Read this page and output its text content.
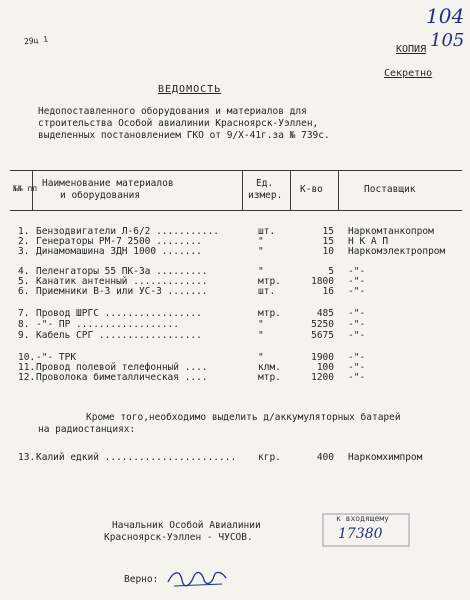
29ц 1
104
105
КОПИЯ
Секретно
ВЕДОМОСТЬ
Недопоставленного оборудования и материалов для
строительства Особой авиалинии Красноярск-Уэллен,
выделенных постановлением ГКО от 9/X-41г.за № 739с.
№№ пп Наименование материалов
и оборудования
Ед.
измер.
К-во	Поставщик
1. Бензодвигатели Л-6/2 ...........	шт.	15 Наркомтанкопром
2. Генераторы РМ-7 2500 ........	"	15 Н К А П
3. Динамомашина ЗДН 1000 .......	"	10 Наркомэлектропром
4. Пеленгаторы 55 ПК-3а .........	"	5 -"-
5. Канатик антенный .............	мтр.	1800 -"-
6. Приемники В-3 или УС-3 .......	шт.	16 -"-
7. Провод ШРГС .................	мтр.	485 -"-
8. -"- ПР ..................	"	5250 -"-
9. Кабель СРГ ..................	"	5675 -"-
10. -"- ТРК	"	1900 -"-
11. Провод полевой телефонный ....	клм.	100 -"-
12. Проволока биметаллическая ....	мтр.	1200 -"-
Кроме того,необходимо выделить д/аккумуляторных батарей
на радиостанциях:
13. Калий едкий ....................... кгр.	400 Наркомхимпром
Начальник Особой Авиалинии
Красноярск-Уэллен - ЧУСОВ.
к входящему
17380
Верно:
